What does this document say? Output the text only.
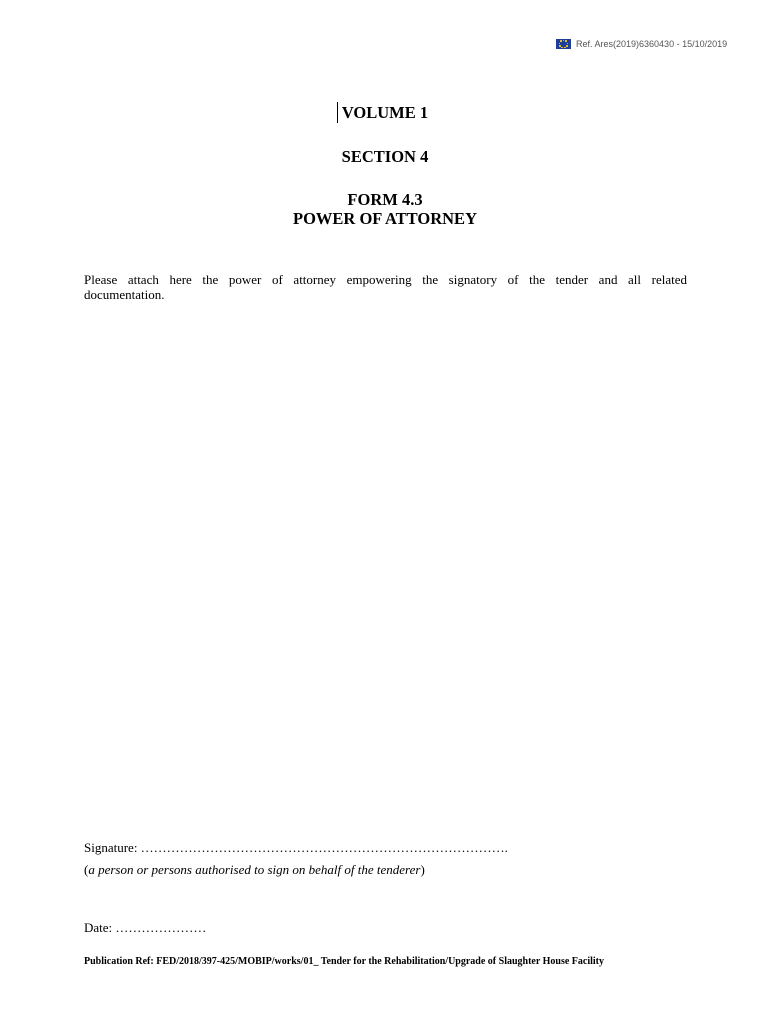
Ref. Ares(2019)6360430 - 15/10/2019
VOLUME 1
SECTION 4
FORM 4.3
POWER OF ATTORNEY
Please attach here the power of attorney empowering the signatory of the tender and all related documentation.
Signature: ………………………………………………………………………….
(a person or persons authorised to sign on behalf of the tenderer)
Date: …………………
Publication Ref: FED/2018/397-425/MOBIP/works/01_ Tender for the Rehabilitation/Upgrade of Slaughter House Facility
